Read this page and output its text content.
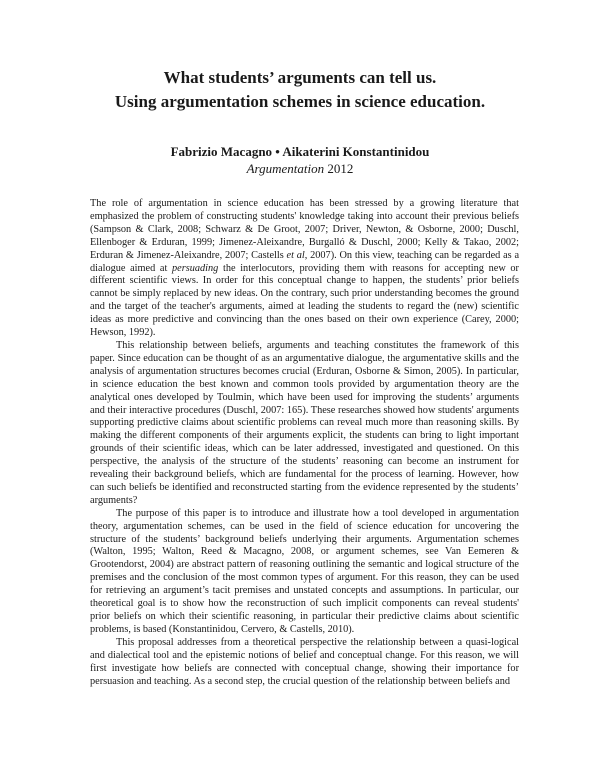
What students’ arguments can tell us.
Using argumentation schemes in science education.
Fabrizio Macagno • Aikaterini Konstantinidou
Argumentation 2012

The role of argumentation in science education has been stressed by a growing literature that emphasized the problem of constructing students' knowledge taking into account their previous beliefs (Sampson & Clark, 2008; Schwarz & De Groot, 2007; Driver, Newton, & Osborne, 2000; Duschl, Ellenboger & Erduran, 1999; Jimenez-Aleixandre, Burgalló & Duschl, 2000; Kelly & Takao, 2002; Erduran & Jimenez-Aleixandre, 2007; Castells et al, 2007). On this view, teaching can be regarded as a dialogue aimed at persuading the interlocutors, providing them with reasons for accepting new or different scientific views. In order for this conceptual change to happen, the students’ prior beliefs cannot be simply replaced by new ideas. On the contrary, such prior understanding becomes the ground and the target of the teacher's arguments, aimed at leading the students to regard the (new) scientific ideas as more predictive and convincing than the ones based on their own experience (Carey, 2000; Hewson, 1992).

This relationship between beliefs, arguments and teaching constitutes the framework of this paper. Since education can be thought of as an argumentative dialogue, the argumentative skills and the analysis of argumentation structures becomes crucial (Erduran, Osborne & Simon, 2005). In particular, in science education the best known and common tools provided by argumentation theory are the analytical ones developed by Toulmin, which have been used for improving the students’ arguments and their interactive procedures (Duschl, 2007: 165). These researches showed how students' arguments supporting predictive claims about scientific problems can reveal much more than reasoning skills. By making the different components of their arguments explicit, the students can bring to light important grounds of their scientific ideas, which can be later addressed, investigated and questioned. On this perspective, the analysis of the structure of the students’ reasoning can become an instrument for revealing their background beliefs, which are fundamental for the process of learning. However, how can such beliefs be identified and reconstructed starting from the evidence represented by the students’ arguments?

The purpose of this paper is to introduce and illustrate how a tool developed in argumentation theory, argumentation schemes, can be used in the field of science education for uncovering the structure of the students’ background beliefs underlying their arguments. Argumentation schemes (Walton, 1995; Walton, Reed & Macagno, 2008, or argument schemes, see Van Eemeren & Grootendorst, 2004) are abstract pattern of reasoning outlining the semantic and logical structure of the premises and the conclusion of the most common types of argument. For this reason, they can be used for retrieving an argument’s tacit premises and unstated concepts and assumptions. In particular, our theoretical goal is to show how the reconstruction of such implicit components can reveal students' prior beliefs on which their scientific reasoning, in particular their predictive claims about scientific problems, is based (Konstantinidou, Cervero, & Castells, 2010).

This proposal addresses from a theoretical perspective the relationship between a quasi-logical and dialectical tool and the epistemic notions of belief and conceptual change. For this reason, we will first investigate how beliefs are connected with conceptual change, showing their importance for persuasion and teaching. As a second step, the crucial question of the relationship between beliefs and
